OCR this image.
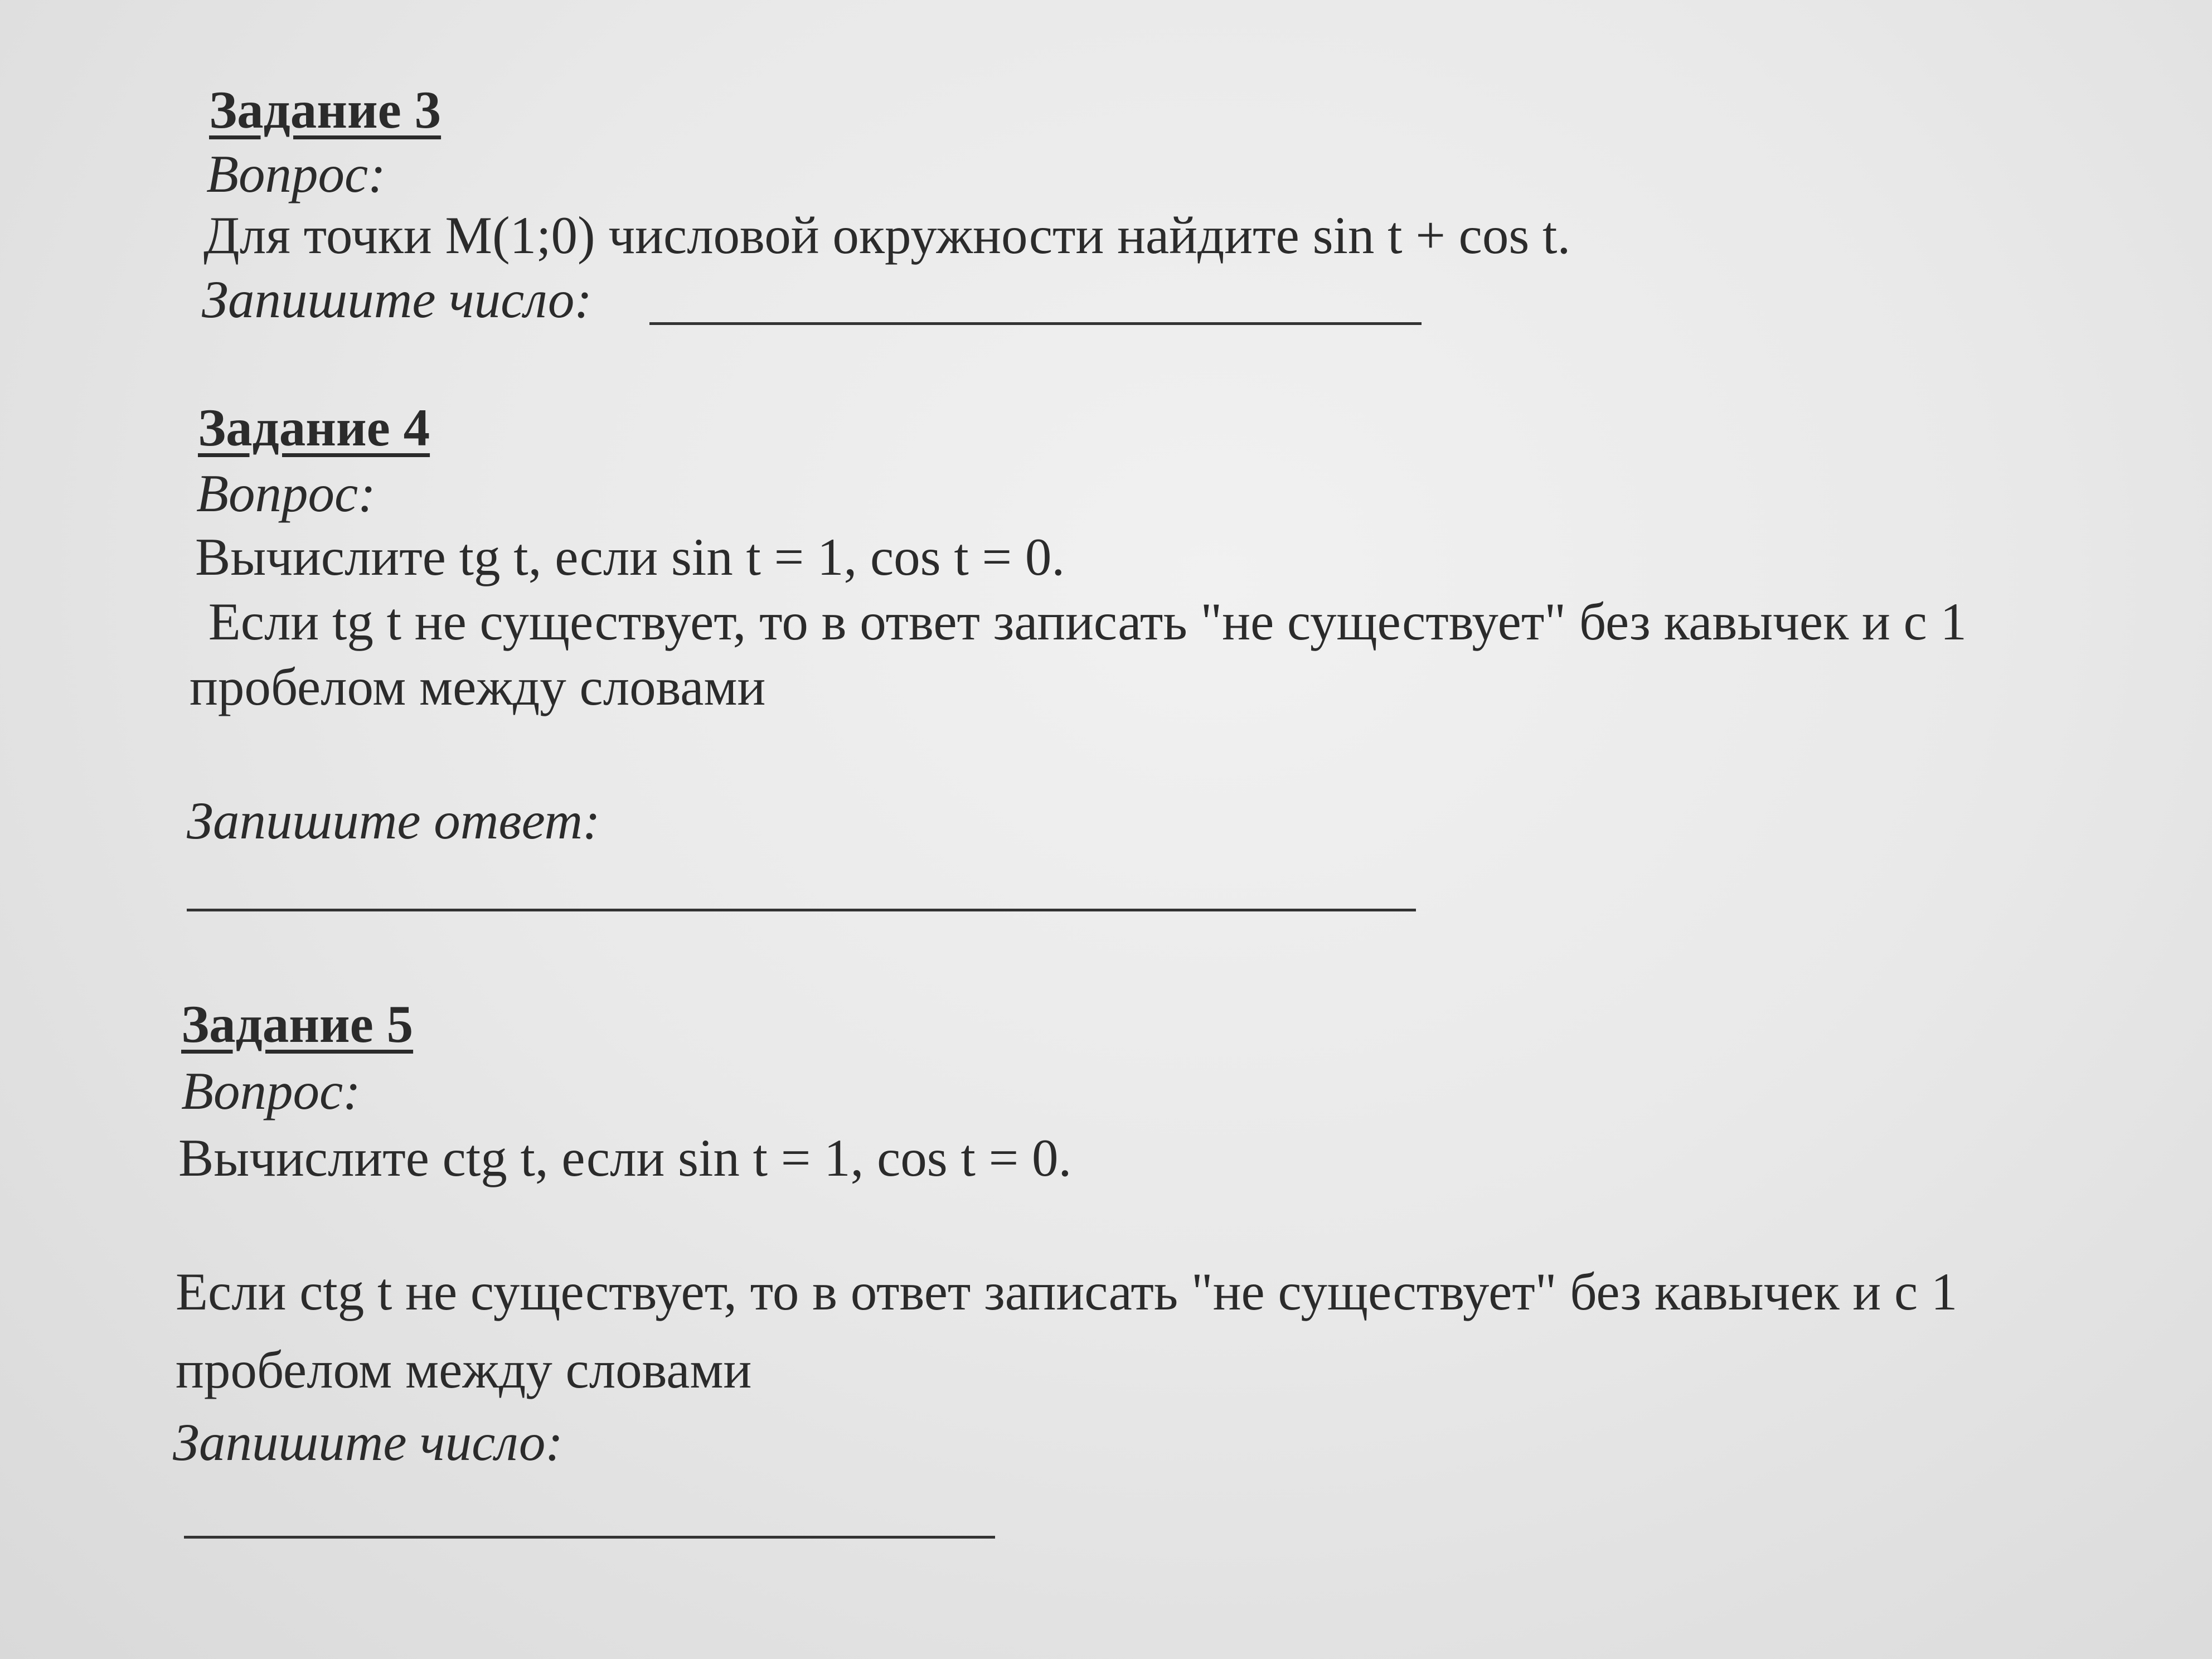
Задание 3
Вопрос:
Для точки М(1;0) числовой окружности найдите sin t + cos t.
Запишите число:
Задание 4
Вопрос:
Вычислите tg t, если sin t = 1, cos t = 0.
Если tg t не существует, то в ответ записать "не существует" без кавычек и с 1
пробелом между словами
Запишите ответ:
Задание 5
Вопрос:
Вычислите ctg t, если sin t = 1, cos t = 0.
Если ctg t не существует, то в ответ записать "не существует" без кавычек и с 1
пробелом между словами
Запишите число:
